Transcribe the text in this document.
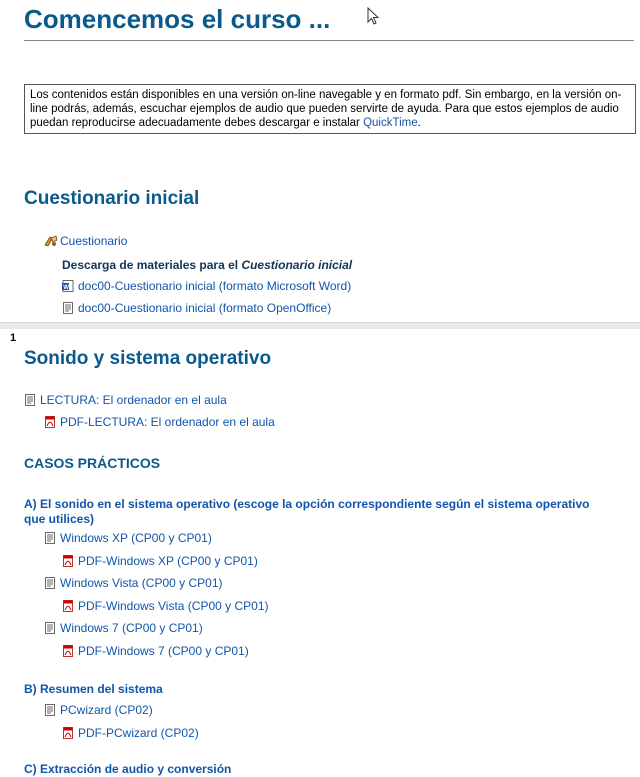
Comencemos el curso ...
Los contenidos están disponibles en una versión on-line navegable y en formato pdf. Sin embargo, en la versión on-line podrás, además, escuchar ejemplos de audio que pueden servirte de ayuda. Para que estos ejemplos de audio puedan reproducirse adecuadamente debes descargar e instalar QuickTime.
Cuestionario inicial
Cuestionario
Descarga de materiales para el Cuestionario inicial
W doc00-Cuestionario inicial (formato Microsoft Word)
doc00-Cuestionario inicial (formato OpenOffice)
1
Sonido y sistema operativo
LECTURA: El ordenador en el aula
PDF-LECTURA: El ordenador en el aula
CASOS PRÁCTICOS
A) El sonido en el sistema operativo (escoge la opción correspondiente según el sistema operativo que utilices)
Windows XP (CP00 y CP01)
PDF-Windows XP (CP00 y CP01)
Windows Vista (CP00 y CP01)
PDF-Windows Vista (CP00 y CP01)
Windows 7 (CP00 y CP01)
PDF-Windows 7 (CP00 y CP01)
B) Resumen del sistema
PCwizard (CP02)
PDF-PCwizard (CP02)
C) Extracción de audio y conversión
